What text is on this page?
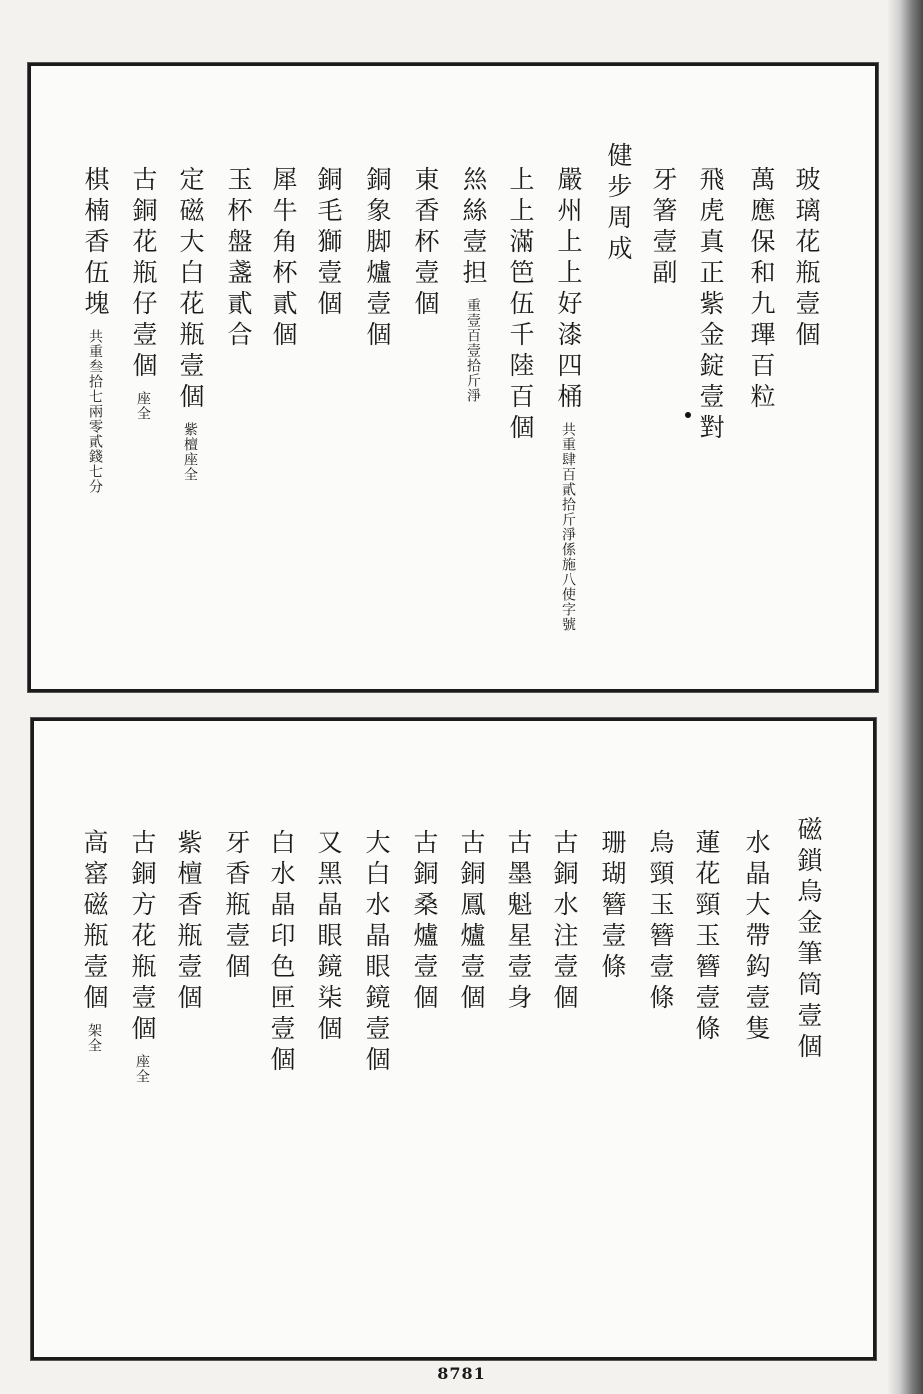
玻璃花瓶壹個
萬應保和九㻫百粒
飛虎真正紫金錠壹對
牙箸壹副
健步周成
嚴州上上好漆四桶共重肆百貳拾斤淨係施八使字號
上上滿笆伍千陸百個
𢇁絲壹担重壹百壹拾斤淨
東香杯壹個
銅象脚爐壹個
銅毛獅壹個
犀牛角杯貳個
玉杯盤盞貳合
定磁大白花瓶壹個紫檀座全
古銅花瓶仔壹個座全
棋楠香伍塊共重叁拾七兩零貳錢七分
磁鎖烏金筆筒壹個
水晶大帶鈎壹隻
蓮花頸玉簪壹條
烏頸玉簪壹條
珊瑚簪壹條
古銅水注壹個
古墨魁星壹身
古銅鳳爐壹個
古銅桑爐壹個
大白水晶眼鏡壹個
又黑晶眼鏡柒個
白水晶印色匣壹個
牙香瓶壹個
紫檀香瓶壹個
古銅方花瓶壹個座全
高窰磁瓶壹個架全
8781
